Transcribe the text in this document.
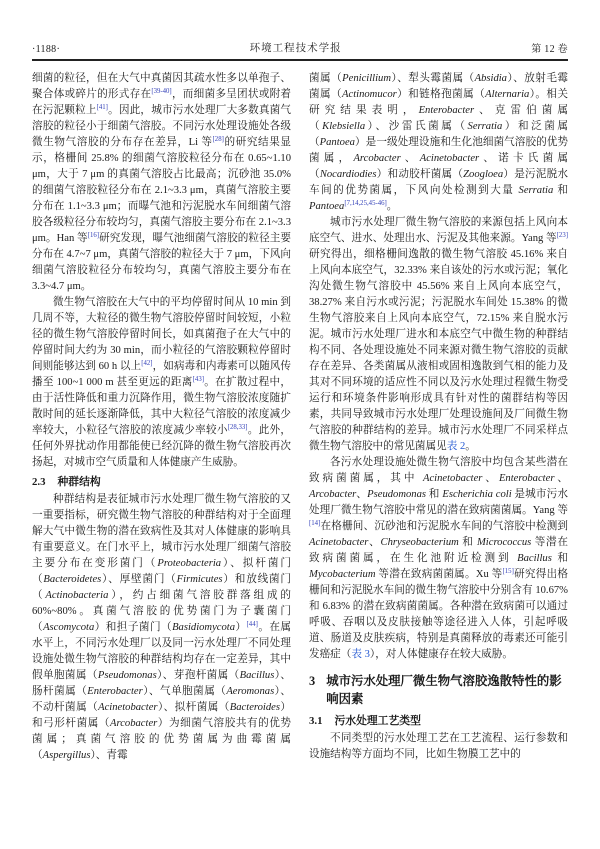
·1188·	环境工程技术学报	第 12 卷

细菌的粒径，但在大气中真菌因其疏水性多以单孢子、聚合体或碎片的形式存在[39-40]，而细菌多呈团状或附着在污泥颗粒上[41]。因此，城市污水处理厂大多数真菌气溶胶的粒径小于细菌气溶胶。不同污水处理设施处各级微生物气溶胶的分布存在差异，Li 等[28]的研究结果显示，格栅间 25.8% 的细菌气溶胶粒径分布在 0.65~1.10 μm，大于 7 μm 的真菌气溶胶占比最高；沉砂池 35.0% 的细菌气溶胶粒径分布在 2.1~3.3 μm，真菌气溶胶主要分布在 1.1~3.3 μm；而曝气池和污泥脱水车间细菌气溶胶各级粒径分布较均匀，真菌气溶胶主要分布在 2.1~3.3 μm。Han 等[16]研究发现，曝气池细菌气溶胶的粒径主要分布在 4.7~7 μm，真菌气溶胶的粒径大于 7 μm，下风向细菌气溶胶粒径分布较均匀，真菌气溶胶主要分布在 3.3~4.7 μm。

微生物气溶胶在大气中的平均停留时间从 10 min 到几周不等，大粒径的微生物气溶胶停留时间较短，小粒径的微生物气溶胶停留时间长，如真菌孢子在大气中的停留时间大约为 30 min，而小粒径的气溶胶颗粒停留时间则能够达到 60 h 以上[42]，如病毒和内毒素可以随风传播至 100~1 000 m 甚至更远的距离[43]。在扩散过程中，由于活性降低和重力沉降作用，微生物气溶胶浓度随扩散时间的延长逐渐降低，其中大粒径气溶胶的浓度减少率较大，小粒径气溶胶的浓度减少率较小[28,33]。此外，任何外界扰动作用都能使已经沉降的微生物气溶胶再次扬起，对城市空气质量和人体健康产生威胁。

2.3 种群结构

种群结构是表征城市污水处理厂微生物气溶胶的又一重要指标，研究微生物气溶胶的种群结构对于全面理解大气中微生物的潜在致病性及其对人体健康的影响具有重要意义。在门水平上，城市污水处理厂细菌气溶胶主要分布在变形菌门（Proteobacteria）、拟杆菌门（Bacteroidetes）、厚壁菌门（Firmicutes）和放线菌门（Actinobacteria），约占细菌气溶胶群落组成的 60%~80%。真菌气溶胶的优势菌门为子囊菌门（Ascomycota）和担子菌门（Basidiomycota）[44]。在属水平上，不同污水处理厂以及同一污水处理厂不同处理设施处微生物气溶胶的种群结构均存在一定差异，其中假单胞菌属（Pseudomonas）、芽孢杆菌属（Bacillus）、肠杆菌属（Enterobacter）、气单胞菌属（Aeromonas）、不动杆菌属（Acinetobacter）、拟杆菌属（Bacteroides）和弓形杆菌属（Arcobacter）为细菌气溶胶共有的优势菌属；真菌气溶胶的优势菌属为曲霉菌属（Aspergillus）、青霉

菌属（Penicillium）、犁头霉菌属（Absidia）、放射毛霉菌属（Actinomucor）和链格孢菌属（Alternaria）。相关研究结果表明，Enterobacter、克雷伯菌属（Klebsiella）、沙雷氏菌属（Serratia）和泛菌属（Pantoea）是一级处理设施和生化池细菌气溶胶的优势菌属，Arcobacter、Acinetobacter、诺卡氏菌属（Nocardiodies）和动胶杆菌属（Zoogloea）是污泥脱水车间的优势菌属，下风向处检测到大量 Serratia 和 Pantoea[7,14,25,45-46]。

城市污水处理厂微生物气溶胶的来源包括上风向本底空气、进水、处理出水、污泥及其他来源。Yang 等[23]研究得出，细格栅间逸散的微生物气溶胶 45.16% 来自上风向本底空气，32.33% 来自该处的污水或污泥；氧化沟处微生物气溶胶中 45.56% 来自上风向本底空气，38.27% 来自污水或污泥；污泥脱水车间处 15.38% 的微生物气溶胶来自上风向本底空气，72.15% 来自脱水污泥。城市污水处理厂进水和本底空气中微生物的种群结构不同、各处理设施处不同来源对微生物气溶胶的贡献存在差异、各类菌属从液相或固相逸散到气相的能力及其对不同环境的适应性不同以及污水处理过程微生物受运行和环境条件影响形成具有针对性的菌群结构等因素，共同导致城市污水处理厂处理设施间及厂间微生物气溶胶的种群结构的差异。城市污水处理厂不同采样点微生物气溶胶中的常见菌属见表 2。

各污水处理设施处微生物气溶胶中均包含某些潜在致病菌菌属，其中 Acinetobacter、Enterobacter、Arcobacter、Pseudomonas 和 Escherichia coli 是城市污水处理厂微生物气溶胶中常见的潜在致病菌菌属。Yang 等[14]在格栅间、沉砂池和污泥脱水车间的气溶胶中检测到 Acinetobacter、Chryseobacterium 和 Micrococcus 等潜在致病菌菌属，在生化池附近检测到 Bacillus 和 Mycobacterium 等潜在致病菌菌属。Xu 等[15]研究得出格栅间和污泥脱水车间的微生物气溶胶中分别含有 10.67% 和 6.83% 的潜在致病菌菌属。各种潜在致病菌可以通过呼吸、吞咽以及皮肤接触等途径进入人体，引起呼吸道、肠道及皮肤疾病，特别是真菌释放的毒素还可能引发癌症（表 3），对人体健康存在较大威胁。

3 城市污水处理厂微生物气溶胶逸散特性的影响因素
3.1 污水处理工艺类型

不同类型的污水处理工艺在工艺流程、运行参数和设施结构等方面均不同，比如生物膜工艺中的
